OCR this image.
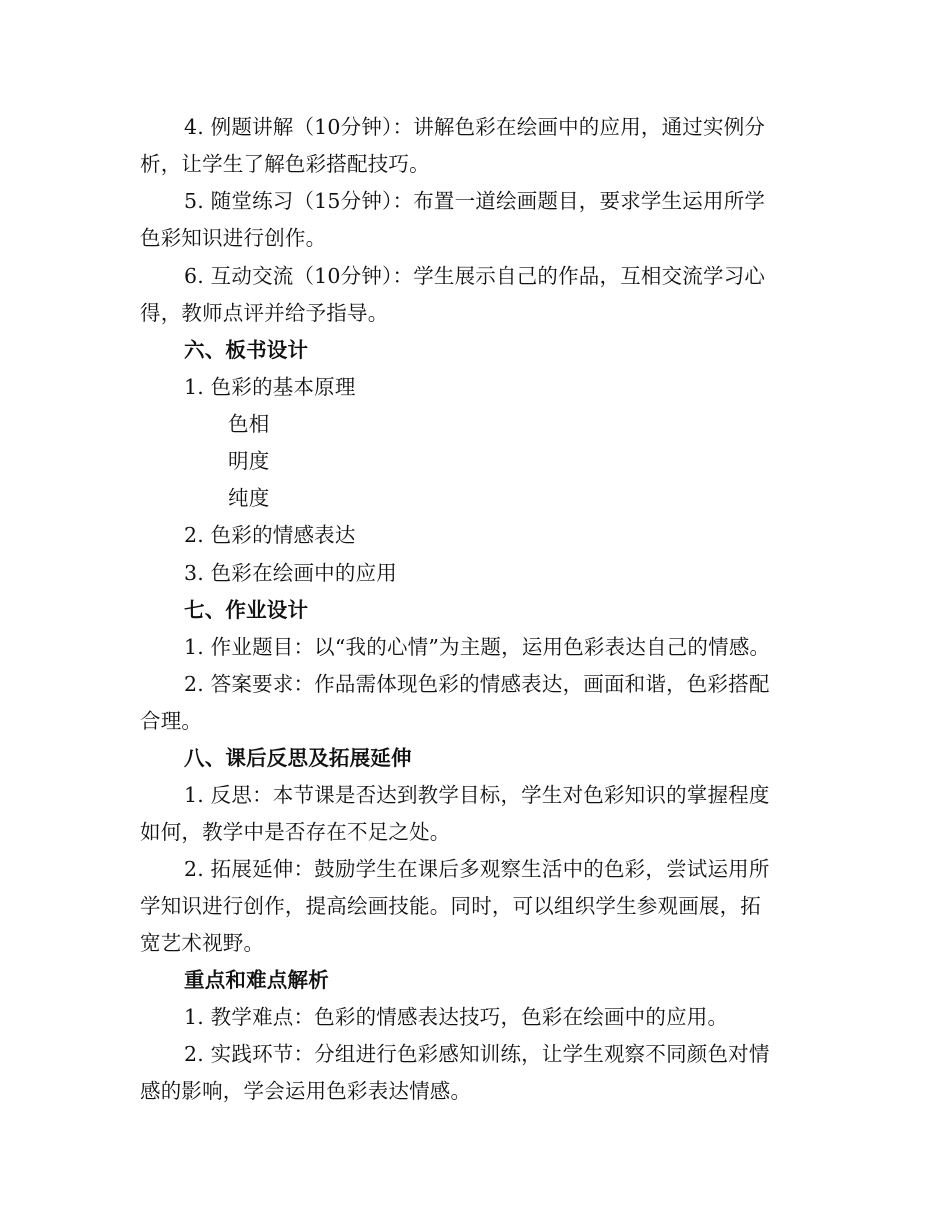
4. 例题讲解（10分钟）：讲解色彩在绘画中的应用，通过实例分
析，让学生了解色彩搭配技巧。
5. 随堂练习（15分钟）：布置一道绘画题目，要求学生运用所学
色彩知识进行创作。
6. 互动交流（10分钟）：学生展示自己的作品，互相交流学习心
得，教师点评并给予指导。
六、板书设计
1. 色彩的基本原理
色相
明度
纯度
2. 色彩的情感表达
3. 色彩在绘画中的应用
七、作业设计
1. 作业题目：以“我的心情”为主题，运用色彩表达自己的情感。
2. 答案要求：作品需体现色彩的情感表达，画面和谐，色彩搭配
合理。
八、课后反思及拓展延伸
1. 反思：本节课是否达到教学目标，学生对色彩知识的掌握程度
如何，教学中是否存在不足之处。
2. 拓展延伸：鼓励学生在课后多观察生活中的色彩，尝试运用所
学知识进行创作，提高绘画技能。同时，可以组织学生参观画展，拓
宽艺术视野。
重点和难点解析
1. 教学难点：色彩的情感表达技巧，色彩在绘画中的应用。
2. 实践环节：分组进行色彩感知训练，让学生观察不同颜色对情
感的影响，学会运用色彩表达情感。
